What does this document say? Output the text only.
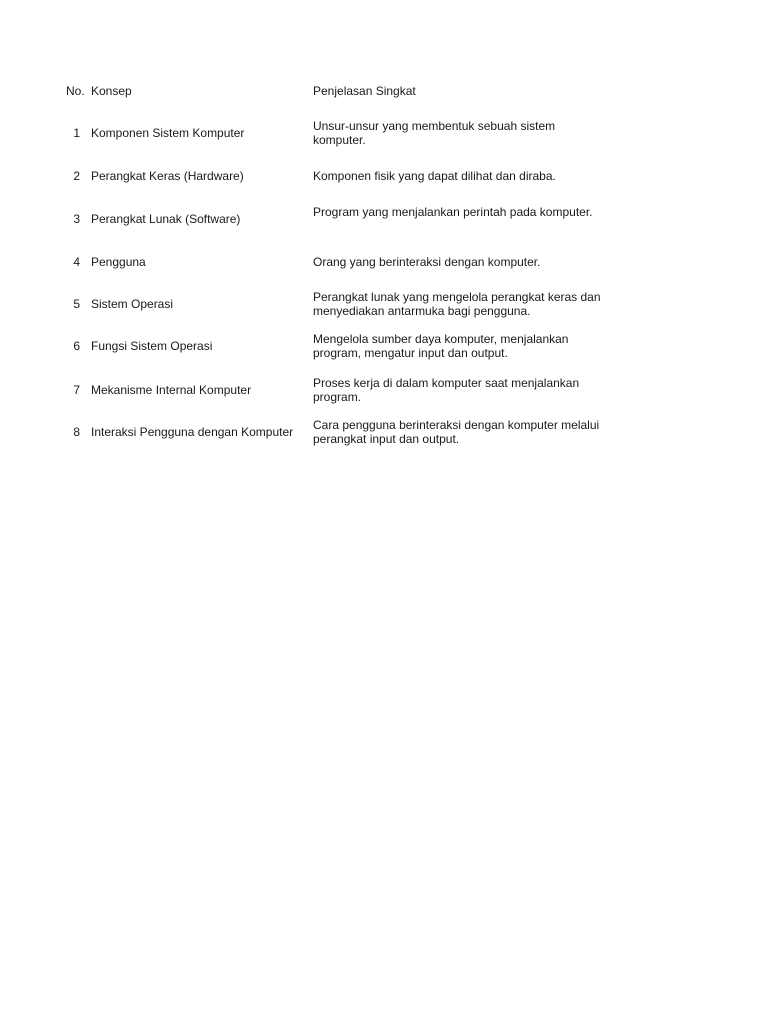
No. Konsep	Penjelasan Singkat
1 Komponen Sistem Komputer	Unsur-unsur yang membentuk sebuah sistem komputer.
2 Perangkat Keras (Hardware)	Komponen fisik yang dapat dilihat dan diraba.
3 Perangkat Lunak (Software)	Program yang menjalankan perintah pada komputer.
4 Pengguna	Orang yang berinteraksi dengan komputer.
5 Sistem Operasi	Perangkat lunak yang mengelola perangkat keras dan menyediakan antarmuka bagi pengguna.
6 Fungsi Sistem Operasi	Mengelola sumber daya komputer, menjalankan program, mengatur input dan output.
7 Mekanisme Internal Komputer	Proses kerja di dalam komputer saat menjalankan program.
8 Interaksi Pengguna dengan Komputer	Cara pengguna berinteraksi dengan komputer melalui perangkat input dan output.
